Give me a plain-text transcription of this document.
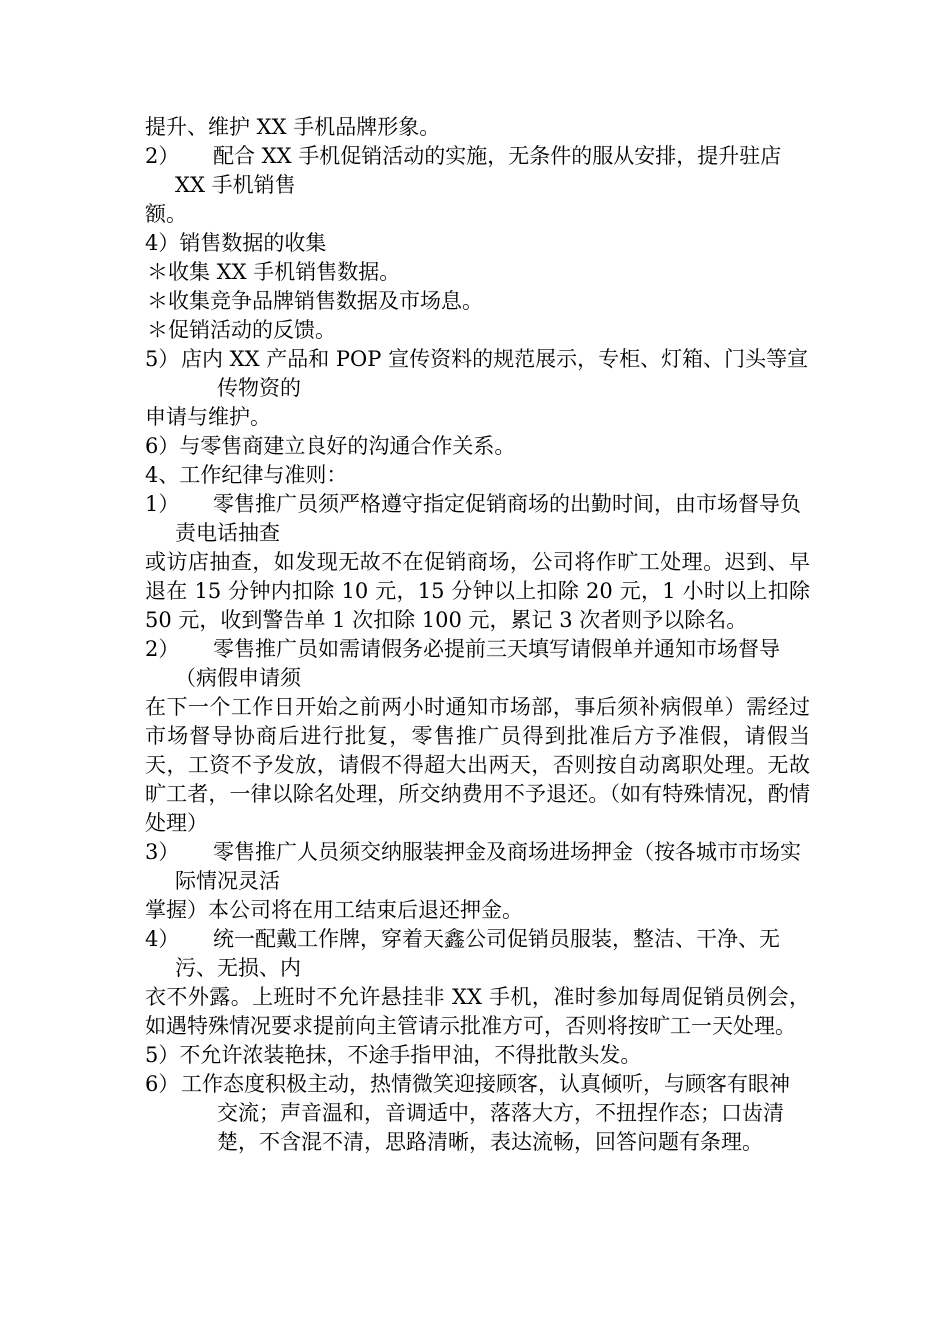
提升、维护 XX 手机品牌形象。

2）	配合 XX 手机促销活动的实施，无条件的服从安排，提升驻店 XX 手机销售

额。

4）销售数据的收集

＊收集 XX 手机销售数据。

＊收集竞争品牌销售数据及市场息。

＊促销活动的反馈。

5） 店内 XX 产品和 POP 宣传资料的规范展示，专柜、灯箱、门头等宣传物资的

申请与维护。

6）与零售商建立良好的沟通合作关系。

4、工作纪律与准则：

1）	零售推广员须严格遵守指定促销商场的出勤时间，由市场督导负责电话抽查

或访店抽查，如发现无故不在促销商场，公司将作旷工处理。迟到、早退在 15 分钟内扣除 10 元，15 分钟以上扣除 20 元，1 小时以上扣除 50 元，收到警告单 1 次扣除 100 元，累记 3 次者则予以除名。

2）	零售推广员如需请假务必提前三天填写请假单并通知市场督导（病假申请须

在下一个工作日开始之前两小时通知市场部，事后须补病假单）需经过市场督导协商后进行批复，零售推广员得到批准后方予准假，请假当天，工资不予发放，请假不得超大出两天，否则按自动离职处理。无故旷工者，一律以除名处理，所交纳费用不予退还。（如有特殊情况，酌情处理）

3）	零售推广人员须交纳服装押金及商场进场押金（按各城市市场实际情况灵活

掌握）本公司将在用工结束后退还押金。

4）	统一配戴工作牌，穿着天鑫公司促销员服装，整洁、干净、无污、无损、内

衣不外露。上班时不允许悬挂非 XX 手机，准时参加每周促销员例会，如遇特殊情况要求提前向主管请示批准方可，否则将按旷工一天处理。

5）不允许浓装艳抹，不途手指甲油，不得批散头发。

6） 工作态度积极主动，热情微笑迎接顾客，认真倾听，与顾客有眼神交流；声音温和，音调适中，落落大方，不扭捏作态；口齿清楚，不含混不清，思路清晰，表达流畅，回答问题有条理。
